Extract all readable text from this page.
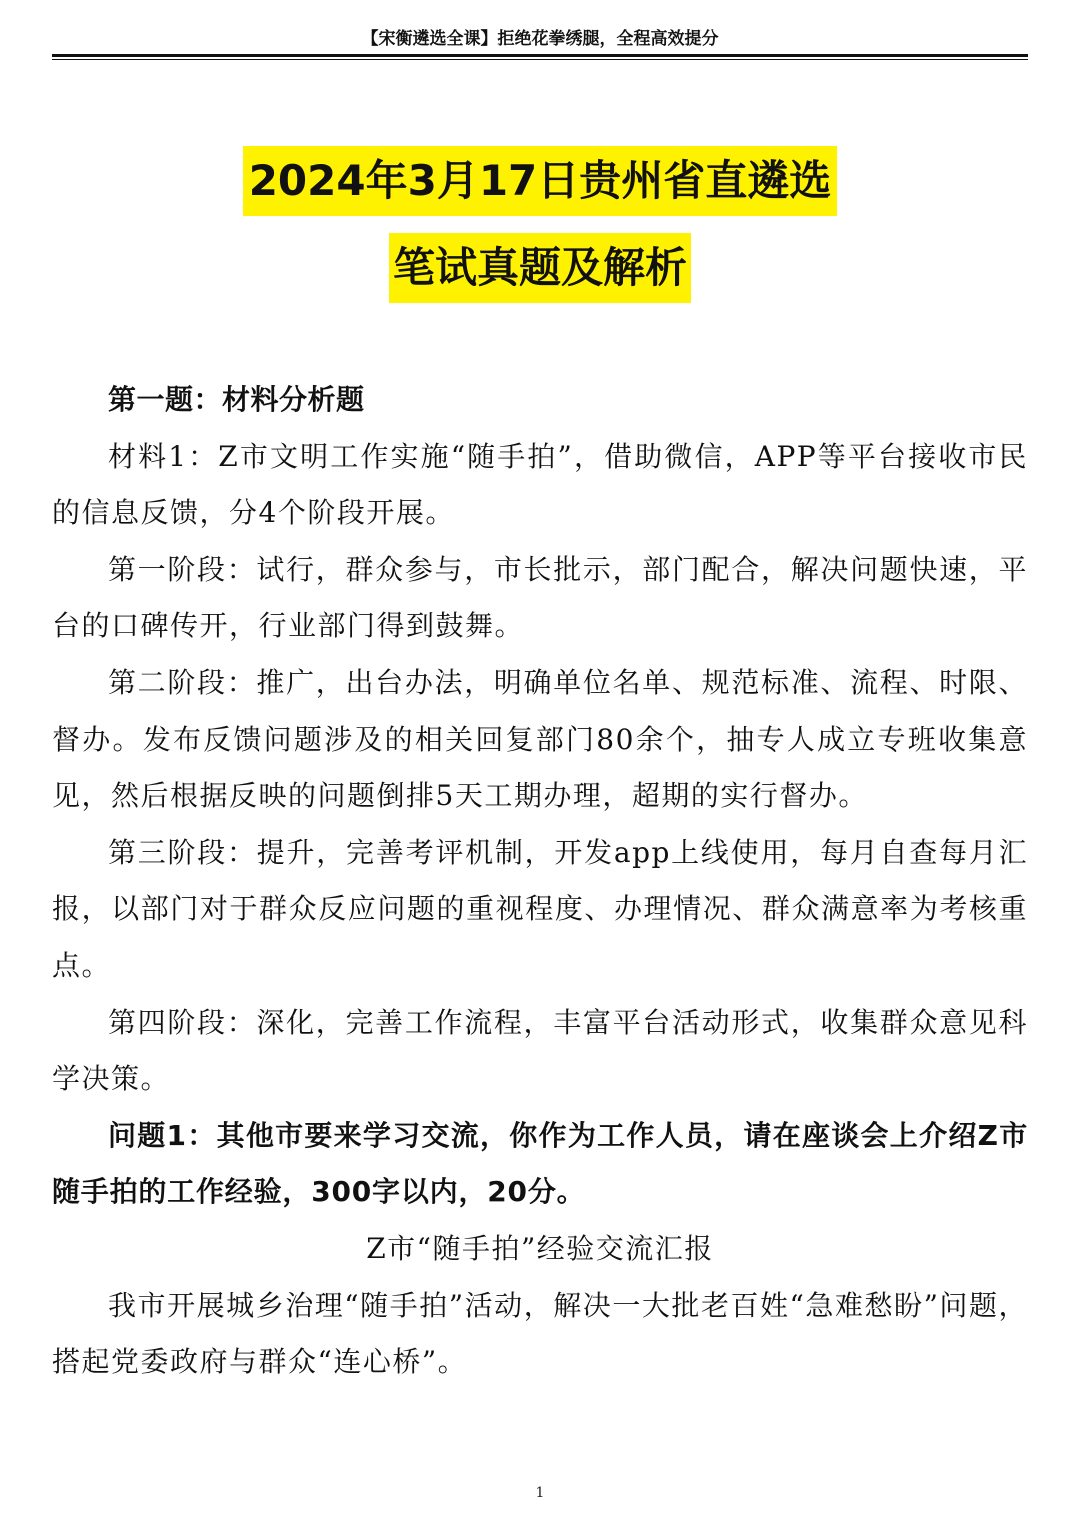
【宋衡遴选全课】拒绝花拳绣腿，全程高效提分
2024年3月17日贵州省直遴选
笔试真题及解析

第一题：材料分析题

材料1：Z市文明工作实施“随手拍”，借助微信，APP等平台接收市民的信息反馈，分4个阶段开展。

第一阶段：试行，群众参与，市长批示，部门配合，解决问题快速，平台的口碑传开，行业部门得到鼓舞。

第二阶段：推广，出台办法，明确单位名单、规范标准、流程、时限、督办。发布反馈问题涉及的相关回复部门80余个，抽专人成立专班收集意见，然后根据反映的问题倒排5天工期办理，超期的实行督办。

第三阶段：提升，完善考评机制，开发app上线使用，每月自查每月汇报，以部门对于群众反应问题的重视程度、办理情况、群众满意率为考核重点。

第四阶段：深化，完善工作流程，丰富平台活动形式，收集群众意见科学决策。

问题1：其他市要来学习交流，你作为工作人员，请在座谈会上介绍Z市随手拍的工作经验，300字以内，20分。

Z市“随手拍”经验交流汇报

我市开展城乡治理“随手拍”活动，解决一大批老百姓“急难愁盼”问题，搭起党委政府与群众“连心桥”。

1
